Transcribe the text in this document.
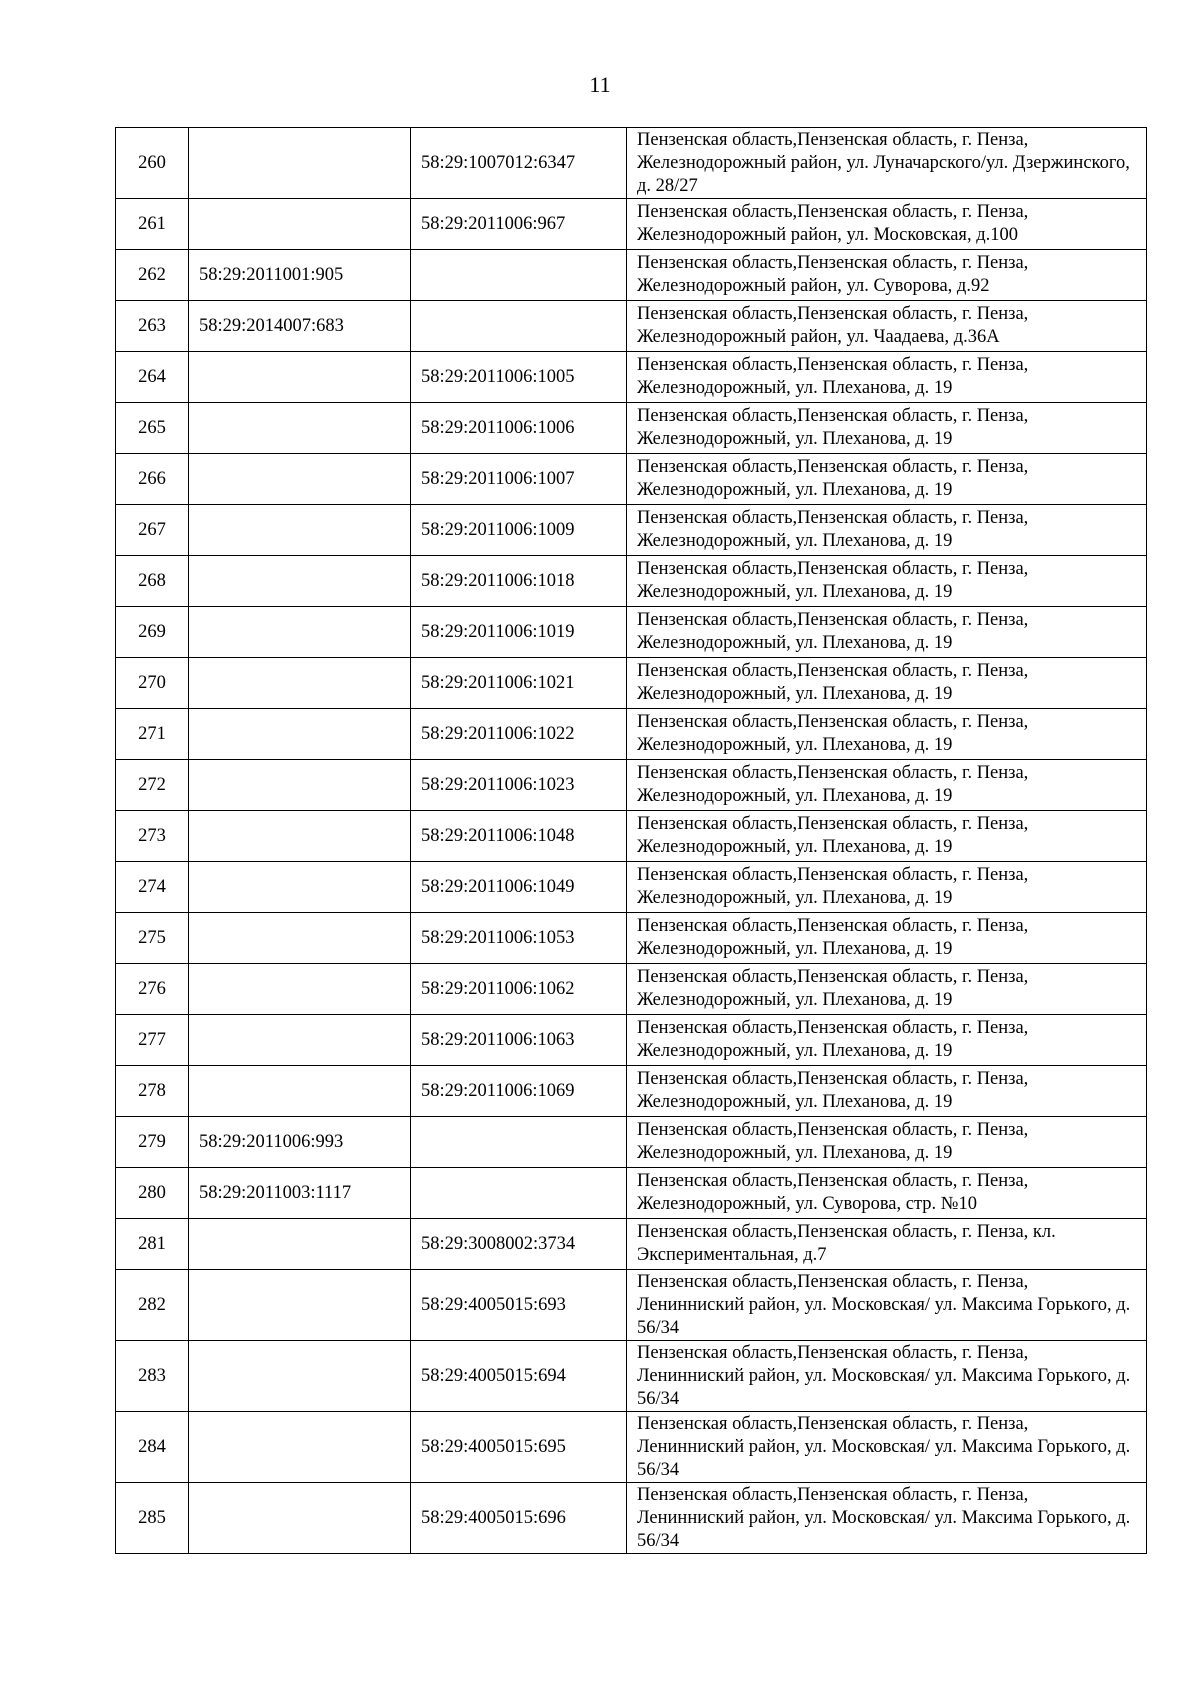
11
260		58:29:1007012:6347	Пензенская область,Пензенская область, г. Пенза, Железнодорожный район, ул. Луначарского/ул. Дзержинского, д. 28/27
261		58:29:2011006:967	Пензенская область,Пензенская область, г. Пенза, Железнодорожный район, ул. Московская, д.100
262	58:29:2011001:905		Пензенская область,Пензенская область, г. Пенза, Железнодорожный район, ул. Суворова, д.92
263	58:29:2014007:683		Пензенская область,Пензенская область, г. Пенза, Железнодорожный район, ул. Чаадаева, д.36А
264		58:29:2011006:1005	Пензенская область,Пензенская область, г. Пенза, Железнодорожный, ул. Плеханова, д. 19
265		58:29:2011006:1006	Пензенская область,Пензенская область, г. Пенза, Железнодорожный, ул. Плеханова, д. 19
266		58:29:2011006:1007	Пензенская область,Пензенская область, г. Пенза, Железнодорожный, ул. Плеханова, д. 19
267		58:29:2011006:1009	Пензенская область,Пензенская область, г. Пенза, Железнодорожный, ул. Плеханова, д. 19
268		58:29:2011006:1018	Пензенская область,Пензенская область, г. Пенза, Железнодорожный, ул. Плеханова, д. 19
269		58:29:2011006:1019	Пензенская область,Пензенская область, г. Пенза, Железнодорожный, ул. Плеханова, д. 19
270		58:29:2011006:1021	Пензенская область,Пензенская область, г. Пенза, Железнодорожный, ул. Плеханова, д. 19
271		58:29:2011006:1022	Пензенская область,Пензенская область, г. Пенза, Железнодорожный, ул. Плеханова, д. 19
272		58:29:2011006:1023	Пензенская область,Пензенская область, г. Пенза, Железнодорожный, ул. Плеханова, д. 19
273		58:29:2011006:1048	Пензенская область,Пензенская область, г. Пенза, Железнодорожный, ул. Плеханова, д. 19
274		58:29:2011006:1049	Пензенская область,Пензенская область, г. Пенза, Железнодорожный, ул. Плеханова, д. 19
275		58:29:2011006:1053	Пензенская область,Пензенская область, г. Пенза, Железнодорожный, ул. Плеханова, д. 19
276		58:29:2011006:1062	Пензенская область,Пензенская область, г. Пенза, Железнодорожный, ул. Плеханова, д. 19
277		58:29:2011006:1063	Пензенская область,Пензенская область, г. Пенза, Железнодорожный, ул. Плеханова, д. 19
278		58:29:2011006:1069	Пензенская область,Пензенская область, г. Пенза, Железнодорожный, ул. Плеханова, д. 19
279	58:29:2011006:993		Пензенская область,Пензенская область, г. Пенза, Железнодорожный, ул. Плеханова, д. 19
280	58:29:2011003:1117		Пензенская область,Пензенская область, г. Пенза, Железнодорожный, ул. Суворова, стр. №10
281		58:29:3008002:3734	Пензенская область,Пензенская область, г. Пенза, кл. Экспериментальная, д.7
282		58:29:4005015:693	Пензенская область,Пензенская область, г. Пенза, Ленинниский район, ул. Московская/ ул. Максима Горького, д. 56/34
283		58:29:4005015:694	Пензенская область,Пензенская область, г. Пенза, Ленинниский район, ул. Московская/ ул. Максима Горького, д. 56/34
284		58:29:4005015:695	Пензенская область,Пензенская область, г. Пенза, Ленинниский район, ул. Московская/ ул. Максима Горького, д. 56/34
285		58:29:4005015:696	Пензенская область,Пензенская область, г. Пенза, Ленинниский район, ул. Московская/ ул. Максима Горького, д. 56/34
